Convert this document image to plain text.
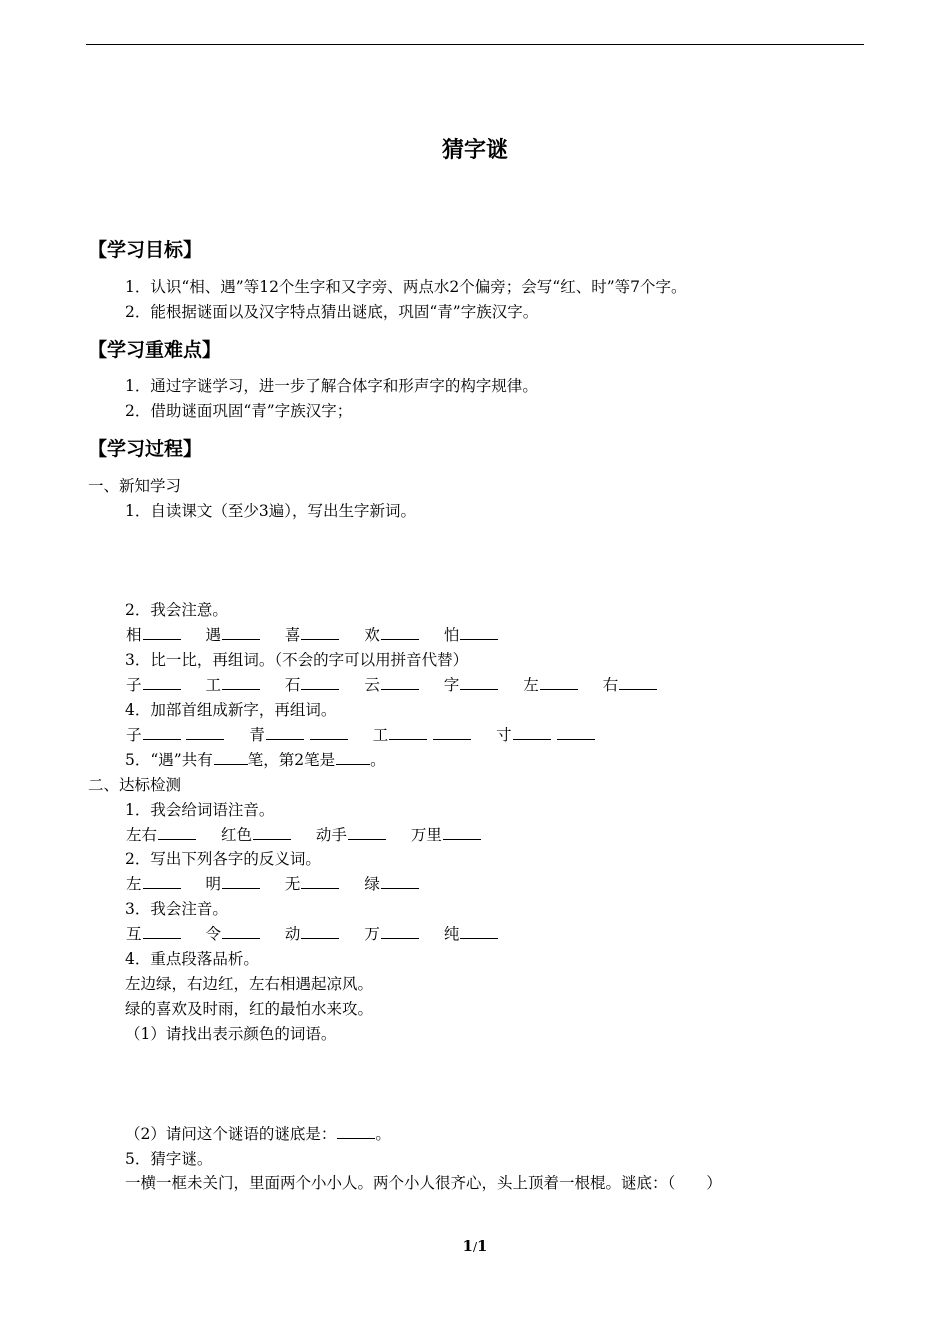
猜字谜
【学习目标】
1．认识“相、遇”等12个生字和又字旁、两点水2个偏旁；会写“红、时”等7个字。
2．能根据谜面以及汉字特点猜出谜底，巩固“青”字族汉字。
【学习重难点】
1．通过字谜学习，进一步了解合体字和形声字的构字规律。
2．借助谜面巩固“青”字族汉字；
【学习过程】
一、新知学习
1．自读课文（至少3遍），写出生字新词。
2．我会注意。
相	遇	喜	欢	怕
3．比一比，再组词。（不会的字可以用拼音代替）
子	工	石	云	字	左	右
4．加部首组成新字，再组词。
子	青	工	寸
5．“遇”共有 笔，第2笔是 。
二、达标检测
1．我会给词语注音。
左右	红色	动手	万里
2．写出下列各字的反义词。
左	明	无	绿
3．我会注音。
互	令	动	万	纯
4．重点段落品析。
左边绿，右边红，左右相遇起凉风。
绿的喜欢及时雨，红的最怕水来攻。
（1）请找出表示颜色的词语。
（2）请问这个谜语的谜底是：	。
5．猜字谜。
一横一框未关门，里面两个小小人。两个小人很齐心，头上顶着一根棍。谜底：（　　）
1/1
